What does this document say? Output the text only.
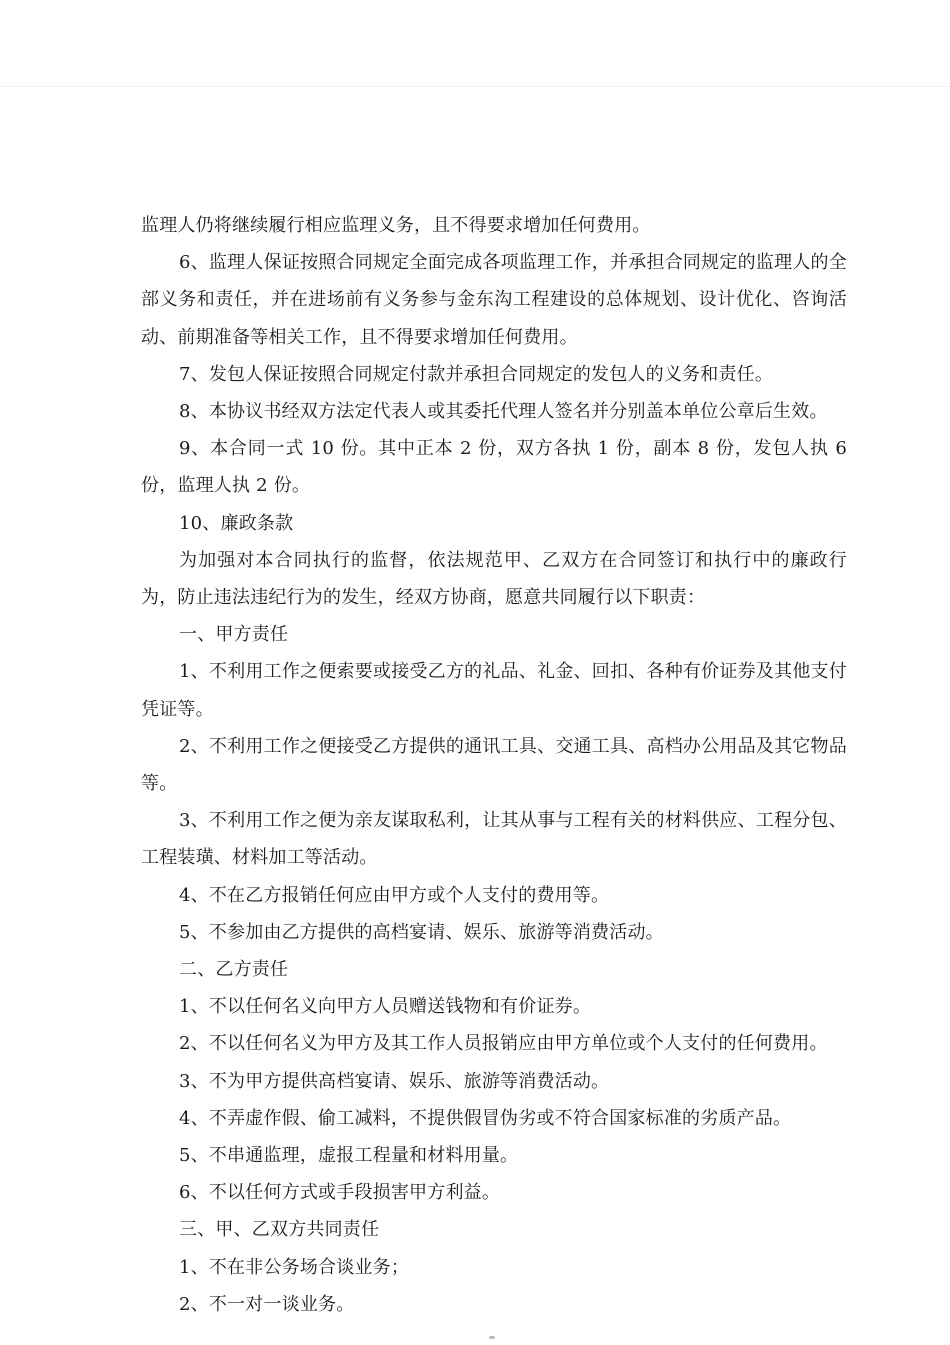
监理人仍将继续履行相应监理义务，且不得要求增加任何费用。

6、监理人保证按照合同规定全面完成各项监理工作，并承担合同规定的监理人的全部义务和责任，并在进场前有义务参与金东沟工程建设的总体规划、设计优化、咨询活动、前期准备等相关工作，且不得要求增加任何费用。

7、发包人保证按照合同规定付款并承担合同规定的发包人的义务和责任。

8、本协议书经双方法定代表人或其委托代理人签名并分别盖本单位公章后生效。

9、本合同一式 10 份。其中正本 2 份，双方各执 1 份，副本 8 份，发包人执 6 份，监理人执 2 份。

10、廉政条款

为加强对本合同执行的监督，依法规范甲、乙双方在合同签订和执行中的廉政行为，防止违法违纪行为的发生，经双方协商，愿意共同履行以下职责：

一、甲方责任

1、不利用工作之便索要或接受乙方的礼品、礼金、回扣、各种有价证券及其他支付凭证等。

2、不利用工作之便接受乙方提供的通讯工具、交通工具、高档办公用品及其它物品等。

3、不利用工作之便为亲友谋取私利，让其从事与工程有关的材料供应、工程分包、工程装璜、材料加工等活动。

4、不在乙方报销任何应由甲方或个人支付的费用等。

5、不参加由乙方提供的高档宴请、娱乐、旅游等消费活动。

二、乙方责任

1、不以任何名义向甲方人员赠送钱物和有价证券。

2、不以任何名义为甲方及其工作人员报销应由甲方单位或个人支付的任何费用。

3、不为甲方提供高档宴请、娱乐、旅游等消费活动。

4、不弄虚作假、偷工减料，不提供假冒伪劣或不符合国家标准的劣质产品。

5、不串通监理，虚报工程量和材料用量。

6、不以任何方式或手段损害甲方利益。

三、甲、乙双方共同责任

1、不在非公务场合谈业务；

2、不一对一谈业务。
